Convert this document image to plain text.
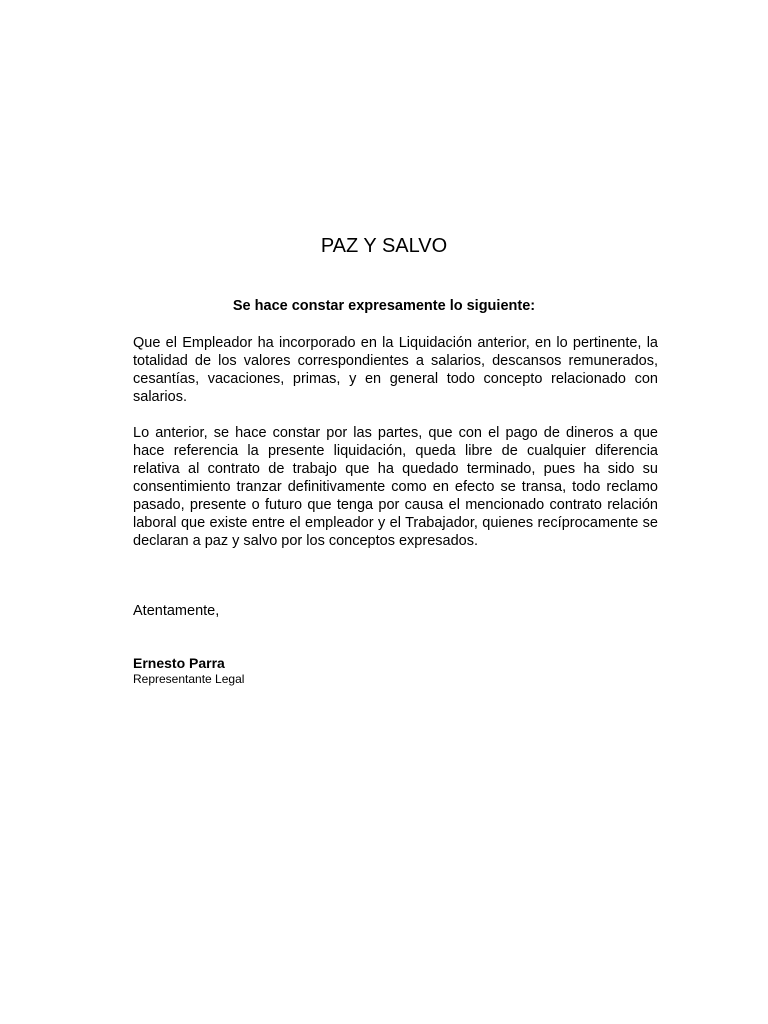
PAZ Y SALVO

Se hace constar expresamente lo siguiente:

Que el Empleador ha incorporado en la Liquidación anterior, en lo pertinente, la totalidad de los valores correspondientes a salarios, descansos remunerados, cesantías, vacaciones, primas, y en general todo concepto relacionado con salarios.

Lo anterior, se hace constar por las partes, que con el pago de dineros a que hace referencia la presente liquidación, queda libre de cualquier diferencia relativa al contrato de trabajo que ha quedado terminado, pues ha sido su consentimiento tranzar definitivamente como en efecto se transa, todo reclamo pasado, presente o futuro que tenga por causa el mencionado contrato relación laboral que existe entre el empleador y el Trabajador, quienes recíprocamente se declaran a paz y salvo por los conceptos expresados.

Atentamente,

Ernesto Parra

Representante Legal
